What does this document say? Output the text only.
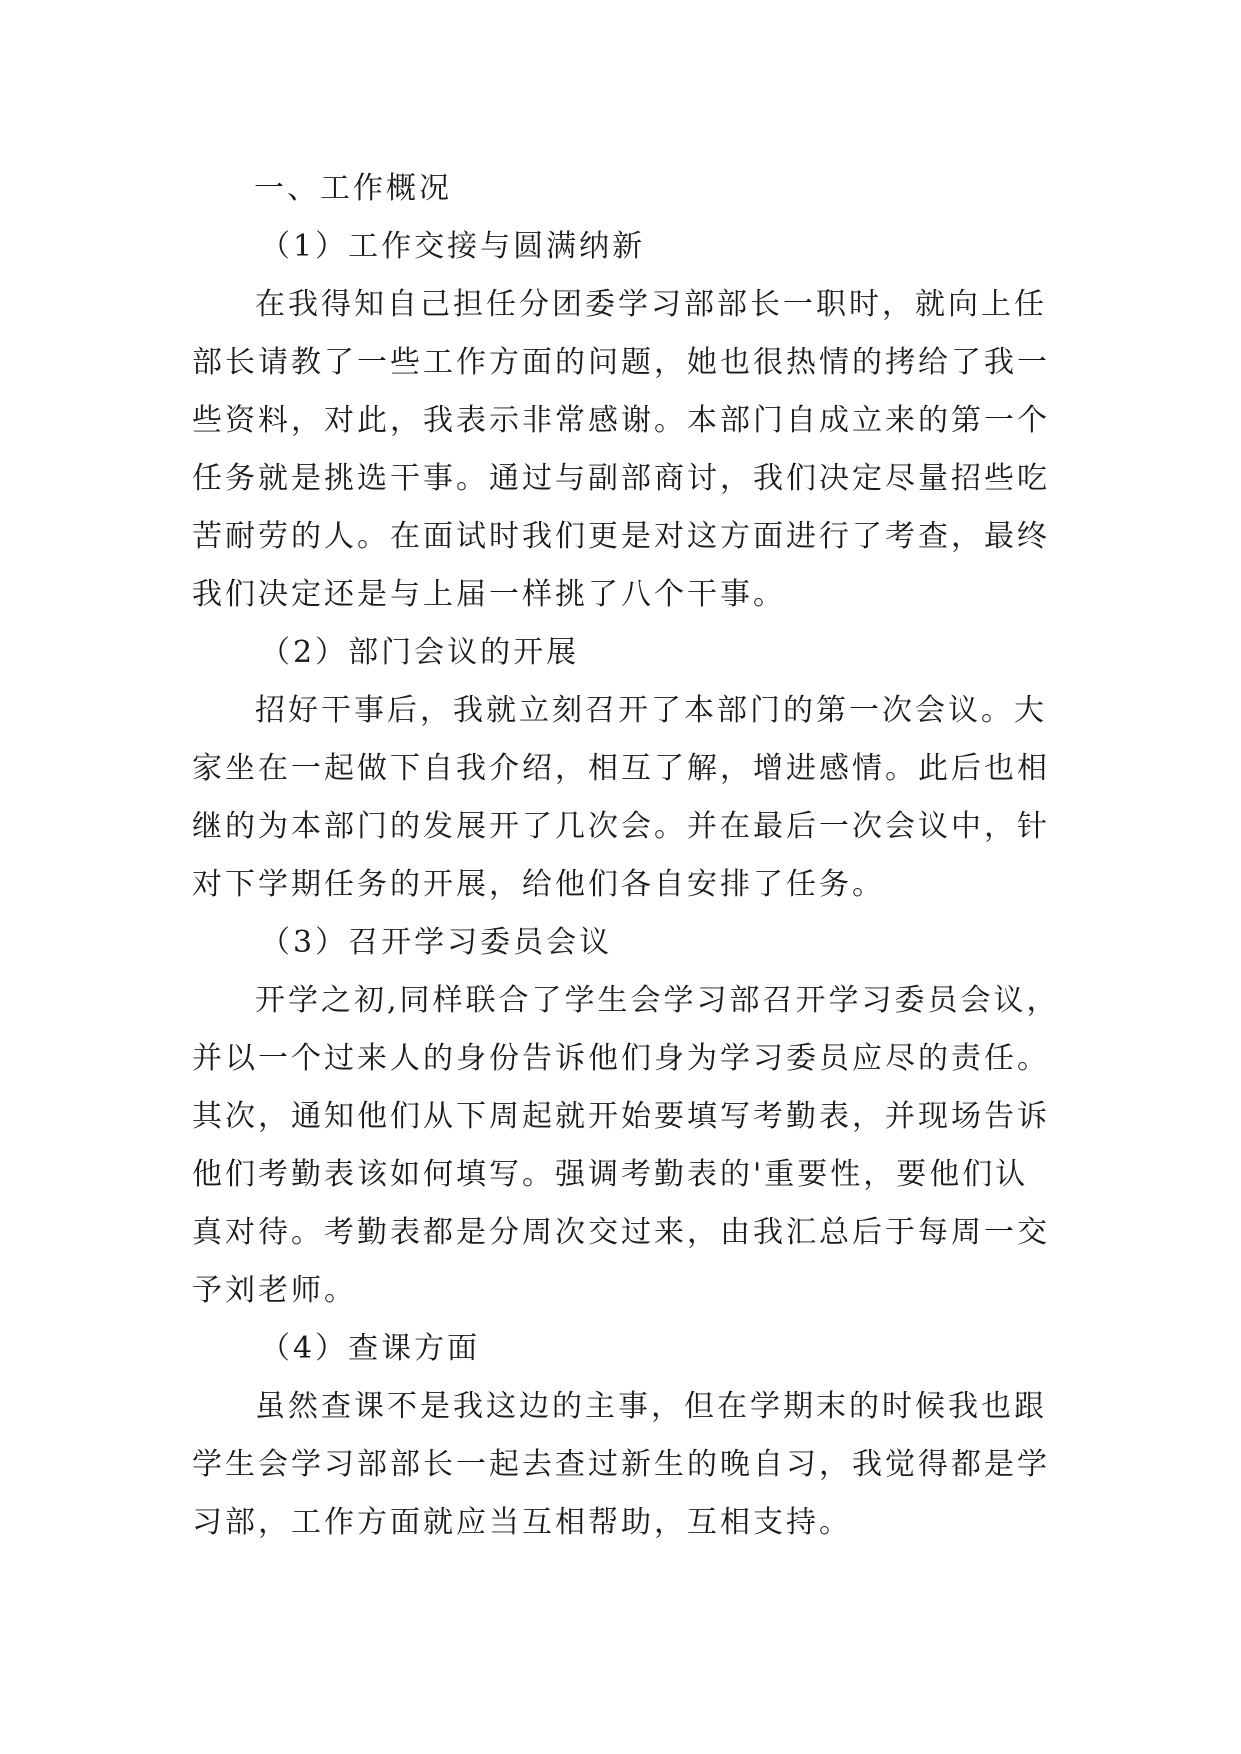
一、工作概况
（1）工作交接与圆满纳新
在我得知自己担任分团委学习部部长一职时，就向上任
部长请教了一些工作方面的问题，她也很热情的拷给了我一
些资料，对此，我表示非常感谢。本部门自成立来的第一个
任务就是挑选干事。通过与副部商讨，我们决定尽量招些吃
苦耐劳的人。在面试时我们更是对这方面进行了考查，最终
我们决定还是与上届一样挑了八个干事。
（2）部门会议的开展
招好干事后，我就立刻召开了本部门的第一次会议。大
家坐在一起做下自我介绍，相互了解，增进感情。此后也相
继的为本部门的发展开了几次会。并在最后一次会议中，针
对下学期任务的开展，给他们各自安排了任务。
（3）召开学习委员会议
开学之初,同样联合了学生会学习部召开学习委员会议，
并以一个过来人的身份告诉他们身为学习委员应尽的责任。
其次，通知他们从下周起就开始要填写考勤表，并现场告诉
他们考勤表该如何填写。强调考勤表的'重要性，要他们认
真对待。考勤表都是分周次交过来，由我汇总后于每周一交
予刘老师。
（4）查课方面
虽然查课不是我这边的主事，但在学期末的时候我也跟
学生会学习部部长一起去查过新生的晚自习，我觉得都是学
习部，工作方面就应当互相帮助，互相支持。
